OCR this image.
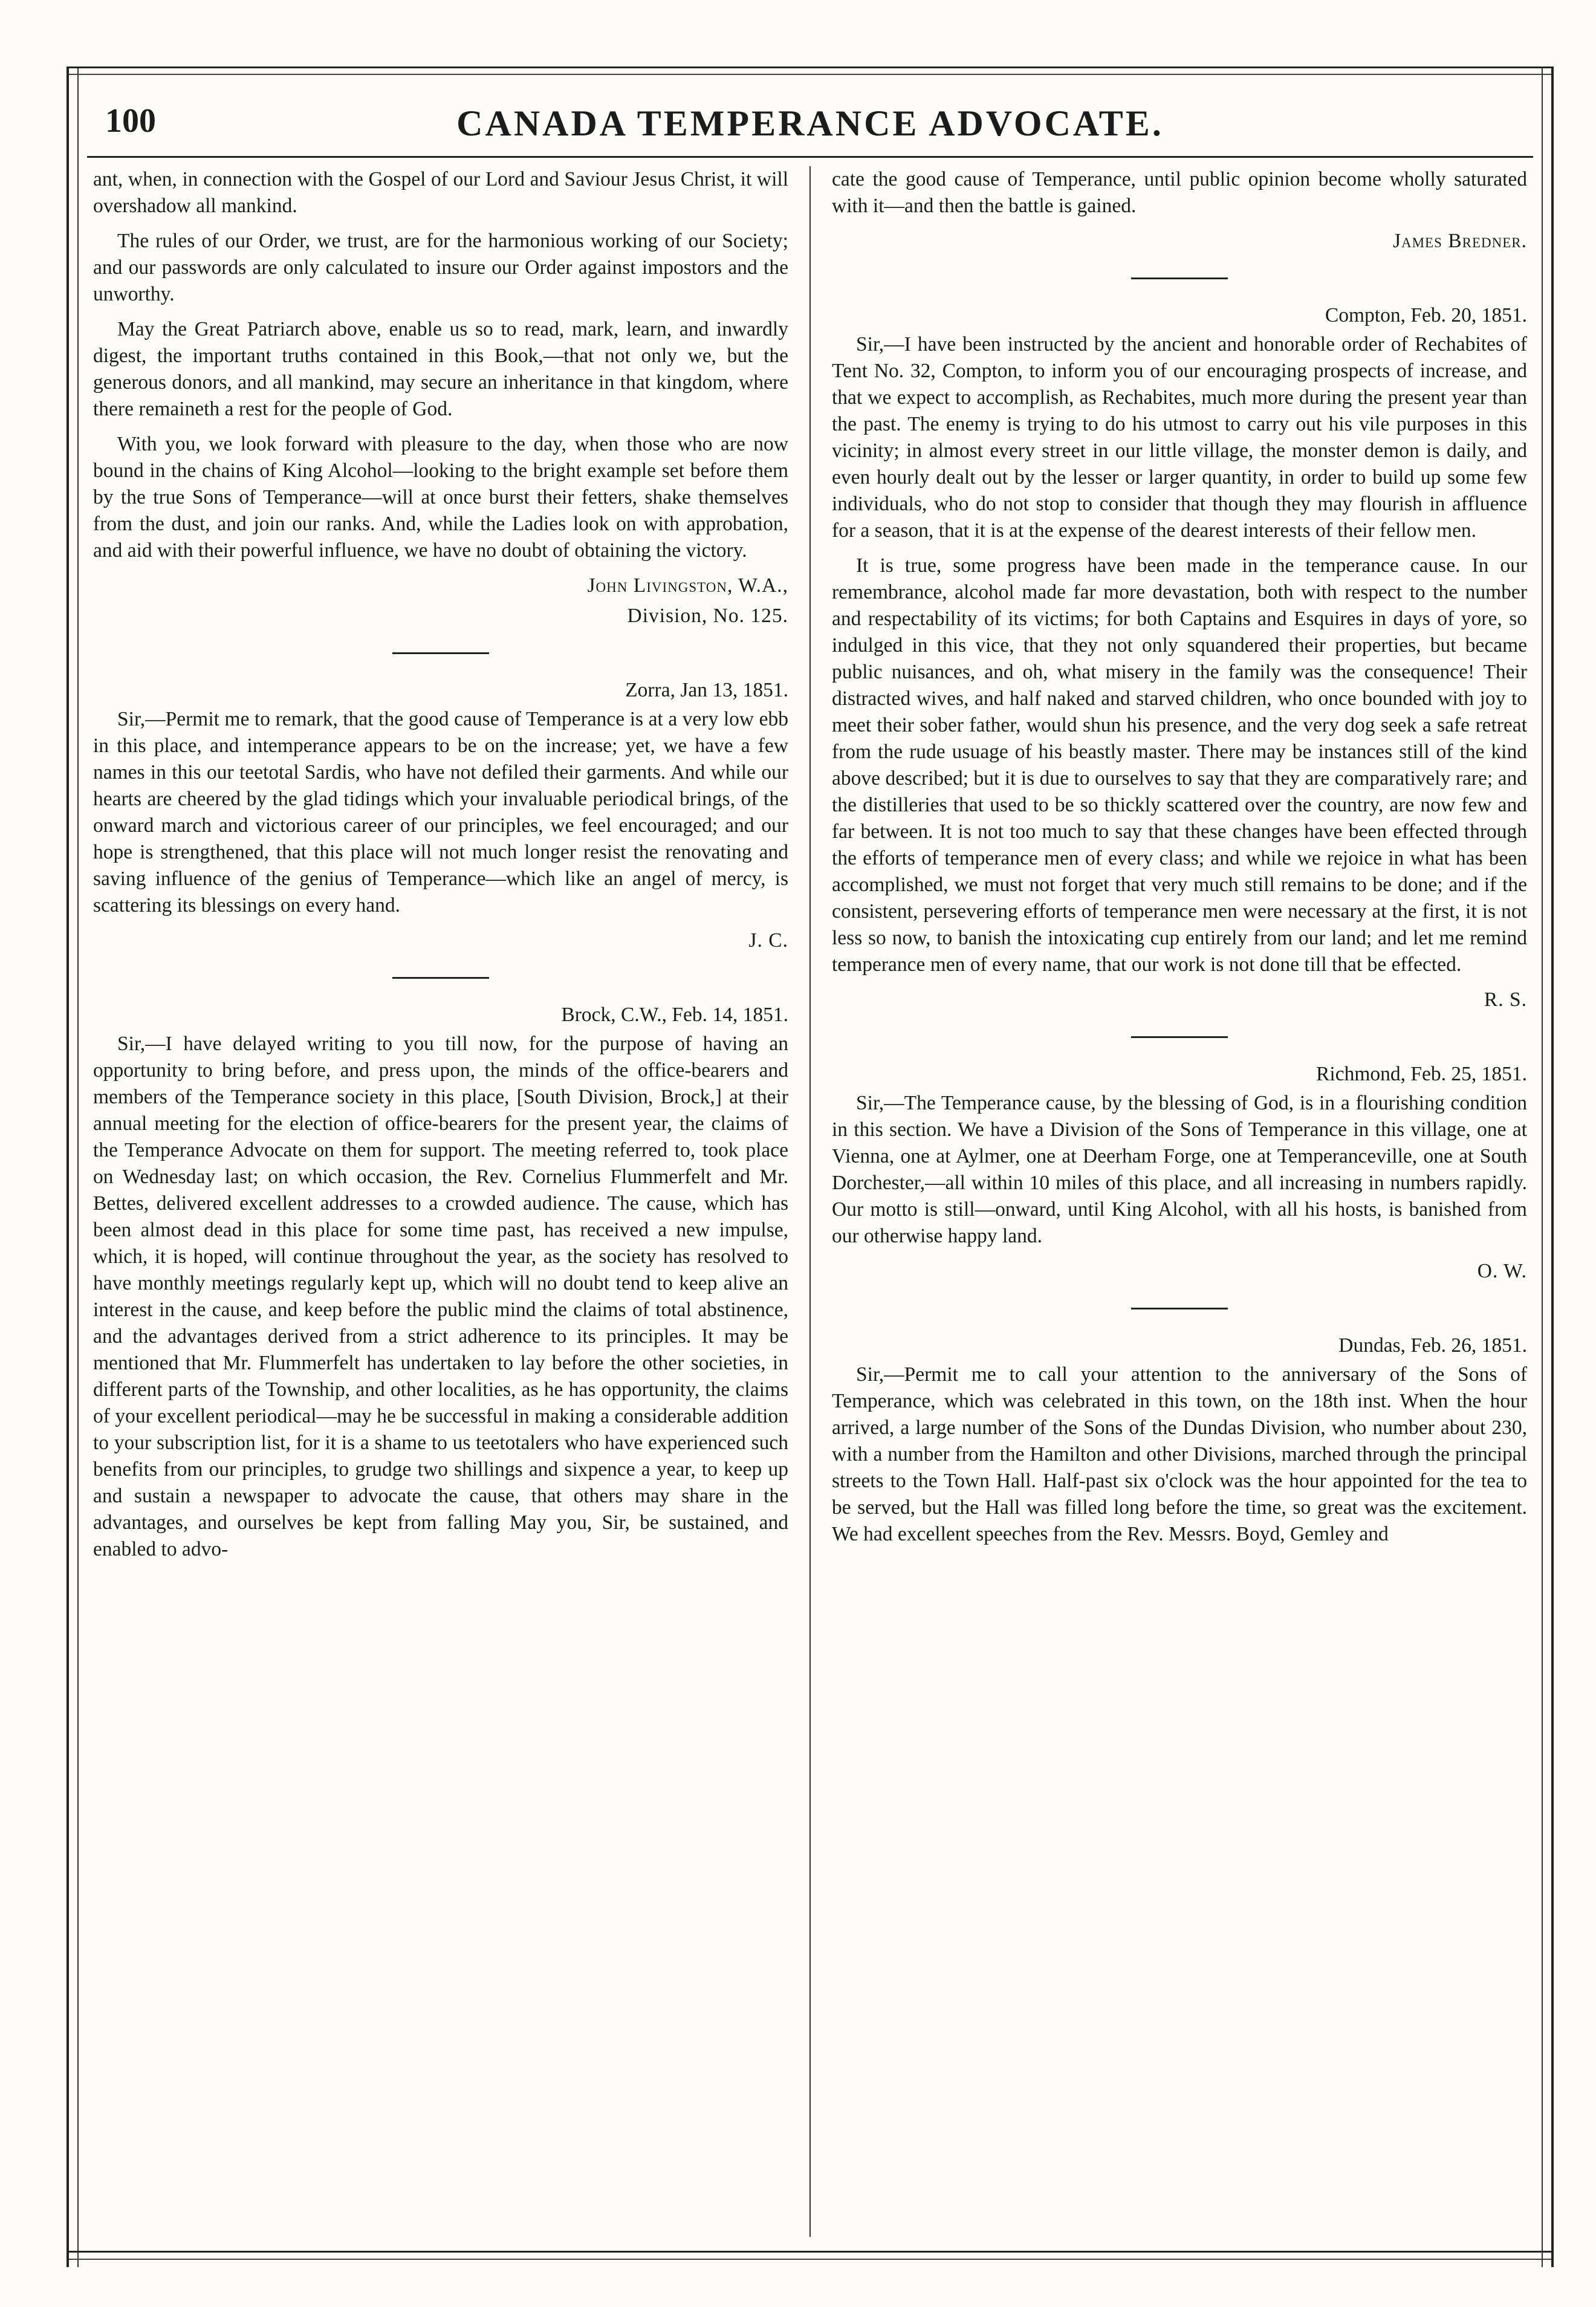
100	CANADA TEMPERANCE ADVOCATE.

ant, when, in connection with the Gospel of our Lord and Saviour Jesus Christ, it will overshadow all mankind.

The rules of our Order, we trust, are for the harmonious working of our Society; and our passwords are only calculated to insure our Order against impostors and the unworthy.

May the Great Patriarch above, enable us so to read, mark, learn, and inwardly digest, the important truths contained in this Book,—that not only we, but the generous donors, and all mankind, may secure an inheritance in that kingdom, where there remaineth a rest for the people of God.

With you, we look forward with pleasure to the day, when those who are now bound in the chains of King Alcohol—looking to the bright example set before them by the true Sons of Temperance—will at once burst their fetters, shake themselves from the dust, and join our ranks. And, while the Ladies look on with approbation, and aid with their powerful influence, we have no doubt of obtaining the victory.

John Livingston, W.A.,
Division, No. 125.
Zorra, Jan 13, 1851.

Sir,—Permit me to remark, that the good cause of Temperance is at a very low ebb in this place, and intemperance appears to be on the increase; yet, we have a few names in this our teetotal Sardis, who have not defiled their garments. And while our hearts are cheered by the glad tidings which your invaluable periodical brings, of the onward march and victorious career of our principles, we feel encouraged; and our hope is strengthened, that this place will not much longer resist the renovating and saving influence of the genius of Temperance—which like an angel of mercy, is scattering its blessings on every hand.

J. C.
Brock, C.W., Feb. 14, 1851.

Sir,—I have delayed writing to you till now, for the purpose of having an opportunity to bring before, and press upon, the minds of the office-bearers and members of the Temperance society in this place, [South Division, Brock,] at their annual meeting for the election of office-bearers for the present year, the claims of the Temperance Advocate on them for support. The meeting referred to, took place on Wednesday last; on which occasion, the Rev. Cornelius Flummerfelt and Mr. Bettes, delivered excellent addresses to a crowded audience. The cause, which has been almost dead in this place for some time past, has received a new impulse, which, it is hoped, will continue throughout the year, as the society has resolved to have monthly meetings regularly kept up, which will no doubt tend to keep alive an interest in the cause, and keep before the public mind the claims of total abstinence, and the advantages derived from a strict adherence to its principles. It may be mentioned that Mr. Flummerfelt has undertaken to lay before the other societies, in different parts of the Township, and other localities, as he has opportunity, the claims of your excellent periodical—may he be successful in making a considerable addition to your subscription list, for it is a shame to us teetotalers who have experienced such benefits from our principles, to grudge two shillings and sixpence a year, to keep up and sustain a newspaper to advocate the cause, that others may share in the advantages, and ourselves be kept from falling May you, Sir, be sustained, and enabled to advo-

cate the good cause of Temperance, until public opinion become wholly saturated with it—and then the battle is gained.

James Bredner.
Compton, Feb. 20, 1851.

Sir,—I have been instructed by the ancient and honorable order of Rechabites of Tent No. 32, Compton, to inform you of our encouraging prospects of increase, and that we expect to accomplish, as Rechabites, much more during the present year than the past. The enemy is trying to do his utmost to carry out his vile purposes in this vicinity; in almost every street in our little village, the monster demon is daily, and even hourly dealt out by the lesser or larger quantity, in order to build up some few individuals, who do not stop to consider that though they may flourish in affluence for a season, that it is at the expense of the dearest interests of their fellow men.

It is true, some progress have been made in the temperance cause. In our remembrance, alcohol made far more devastation, both with respect to the number and respectability of its victims; for both Captains and Esquires in days of yore, so indulged in this vice, that they not only squandered their properties, but became public nuisances, and oh, what misery in the family was the consequence! Their distracted wives, and half naked and starved children, who once bounded with joy to meet their sober father, would shun his presence, and the very dog seek a safe retreat from the rude usuage of his beastly master. There may be instances still of the kind above described; but it is due to ourselves to say that they are comparatively rare; and the distilleries that used to be so thickly scattered over the country, are now few and far between. It is not too much to say that these changes have been effected through the efforts of temperance men of every class; and while we rejoice in what has been accomplished, we must not forget that very much still remains to be done; and if the consistent, persevering efforts of temperance men were necessary at the first, it is not less so now, to banish the intoxicating cup entirely from our land; and let me remind temperance men of every name, that our work is not done till that be effected.

R. S.
Richmond, Feb. 25, 1851.

Sir,—The Temperance cause, by the blessing of God, is in a flourishing condition in this section. We have a Division of the Sons of Temperance in this village, one at Vienna, one at Aylmer, one at Deerham Forge, one at Temperanceville, one at South Dorchester,—all within 10 miles of this place, and all increasing in numbers rapidly. Our motto is still—onward, until King Alcohol, with all his hosts, is banished from our otherwise happy land.

O. W.
Dundas, Feb. 26, 1851.

Sir,—Permit me to call your attention to the anniversary of the Sons of Temperance, which was celebrated in this town, on the 18th inst. When the hour arrived, a large number of the Sons of the Dundas Division, who number about 230, with a number from the Hamilton and other Divisions, marched through the principal streets to the Town Hall. Half-past six o'clock was the hour appointed for the tea to be served, but the Hall was filled long before the time, so great was the excitement. We had excellent speeches from the Rev. Messrs. Boyd, Gemley and
